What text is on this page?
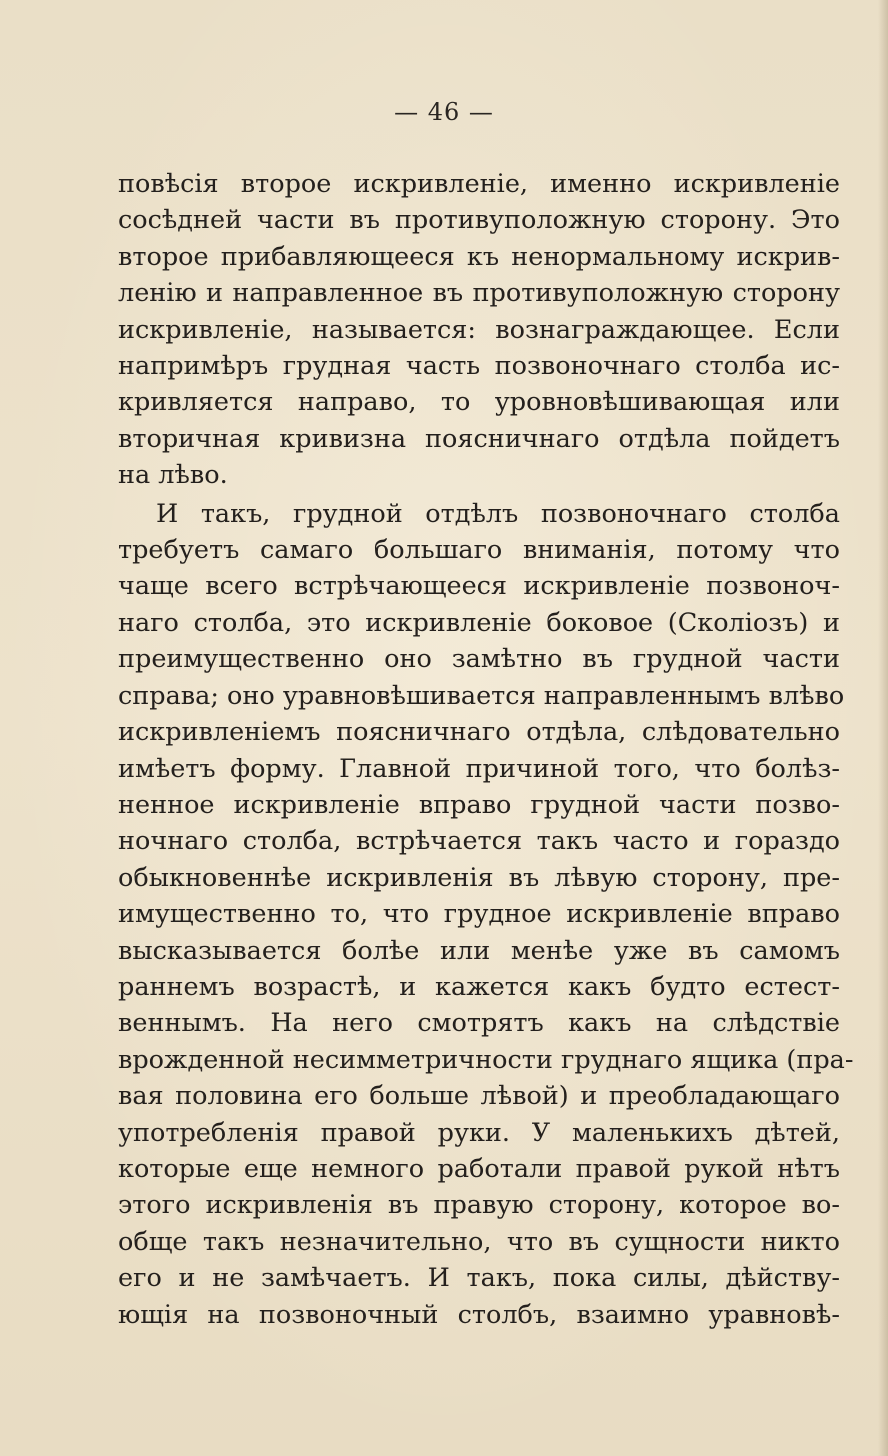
— 46 —
повѣсія второе искривленіе, именно искривленіе
сосѣдней части въ противуположную сторону. Это
второе прибавляющееся къ ненормальному искрив-
ленію и направленное въ противуположную сторону
искривленіе, называется: вознаграждающее. Если
напримѣръ грудная часть позвоночнаго столба ис-
кривляется направо, то уровновѣшивающая или
вторичная кривизна поясничнаго отдѣла пойдетъ
на лѣво.
И такъ, грудной отдѣлъ позвоночнаго столба
требуетъ самаго большаго вниманія, потому что
чаще всего встрѣчающееся искривленіе позвоноч-
наго столба, это искривленіе боковое (Сколіозъ) и
преимущественно оно замѣтно въ грудной части
справа; оно уравновѣшивается направленнымъ влѣво
искривленіемъ поясничнаго отдѣла, слѣдовательно
имѣетъ форму. Главной причиной того, что болѣз-
ненное искривленіе вправо грудной части позво-
ночнаго столба, встрѣчается такъ часто и гораздо
обыкновеннѣе искривленія въ лѣвую сторону, пре-
имущественно то, что грудное искривленіе вправо
высказывается болѣе или менѣе уже въ самомъ
раннемъ возрастѣ, и кажется какъ будто естест-
веннымъ. На него смотрятъ какъ на слѣдствіе
врожденной несимметричности груднаго ящика (пра-
вая половина его больше лѣвой) и преобладающаго
употребленія правой руки. У маленькихъ дѣтей,
которые еще немного работали правой рукой нѣтъ
этого искривленія въ правую сторону, которое во-
обще такъ незначительно, что въ сущности никто
его и не замѣчаетъ. И такъ, пока силы, дѣйству-
ющія на позвоночный столбъ, взаимно уравновѣ-
